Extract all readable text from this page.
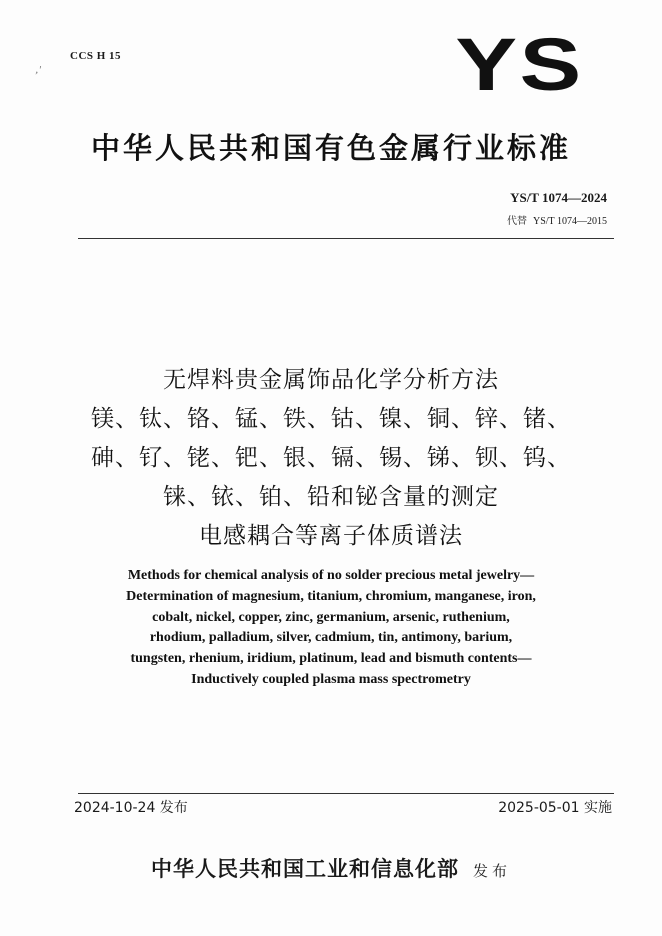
CCS H 15
,'	YS
中华人民共和国有色金属行业标准
YS/T 1074—2024
代替 YS/T 1074—2015
无焊料贵金属饰品化学分析方法
镁、钛、铬、锰、铁、钴、镍、铜、锌、锗、
砷、钌、铑、钯、银、镉、锡、锑、钡、钨、
铼、铱、铂、铅和铋含量的测定
电感耦合等离子体质谱法
Methods for chemical analysis of no solder precious metal jewelry—
Determination of magnesium, titanium, chromium, manganese, iron,
cobalt, nickel, copper, zinc, germanium, arsenic, ruthenium,
rhodium, palladium, silver, cadmium, tin, antimony, barium,
tungsten, rhenium, iridium, platinum, lead and bismuth contents—
Inductively coupled plasma mass spectrometry
2024-10-24 发布	2025-05-01 实施
中华人民共和国工业和信息化部 发布
